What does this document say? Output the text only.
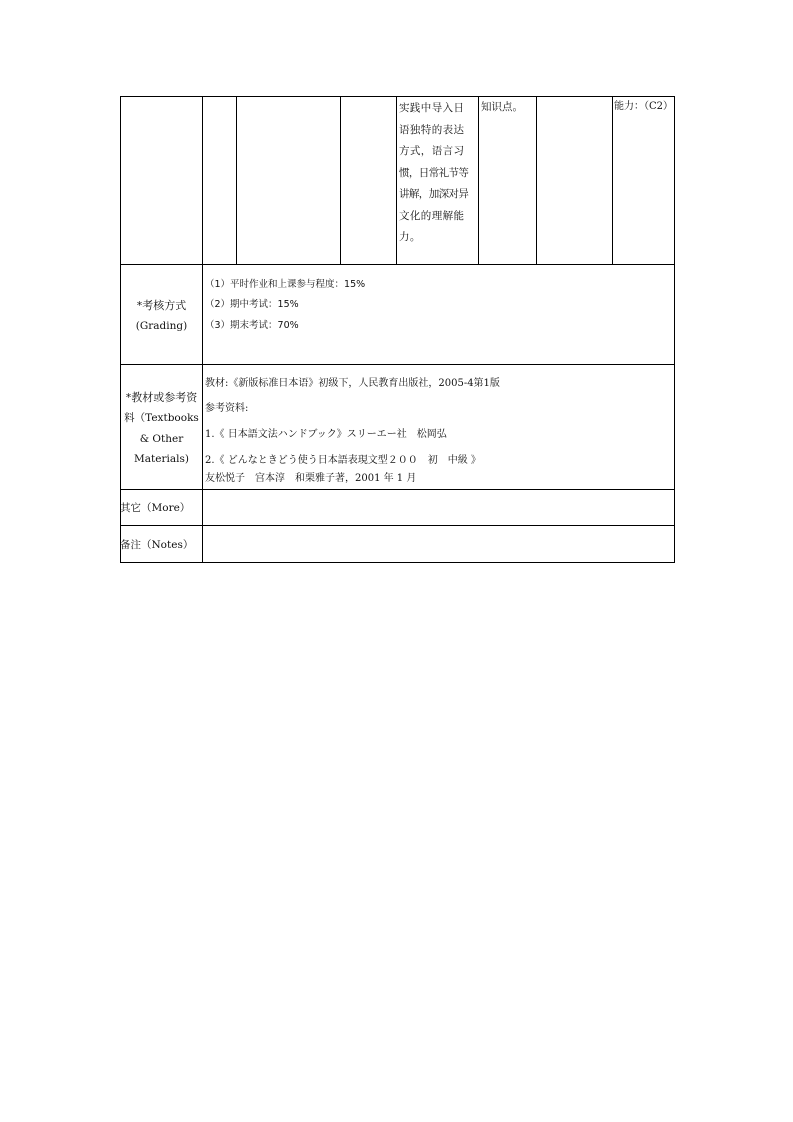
实践中导入日
语独特的表达
方式，语言习
惯，日常礼节等
讲解，加深对异
文化的理解能
力。
知识点。	能力：（C2）
*考核方式
(Grading)
（1）平时作业和上课参与程度：15%
（2）期中考试：15%
（3）期末考试：70%
*教材或参考资
料（Textbooks
& Other
Materials)
教材:《新版标准日本语》初级下，人民教育出版社，2005-4第1版
参考资料:
1.《 日本語文法ハンドブック》スリーエー社　松岡弘
2.《 どんなときどう使う日本語表現文型２００　初　中級 》
友松悦子　宫本淳　和栗雅子著，2001 年 1 月
其它（More）
备注（Notes）
